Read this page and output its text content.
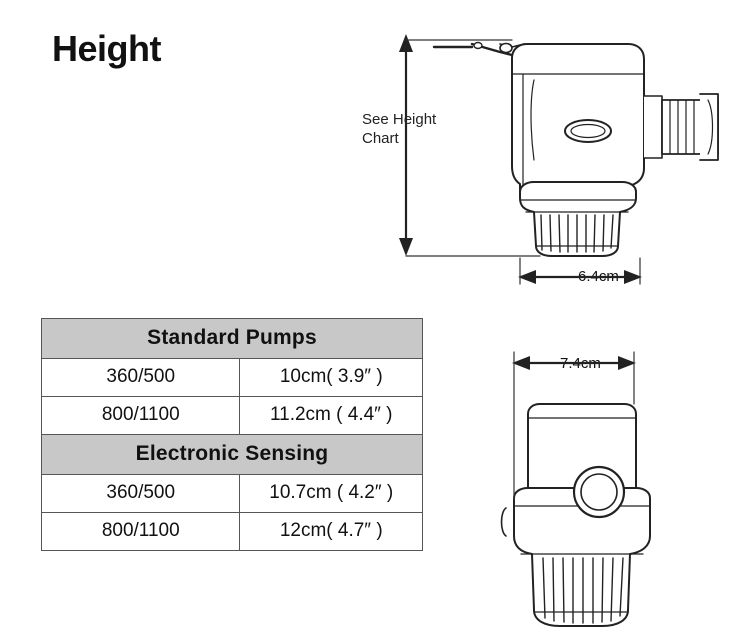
Height
See Height Chart
6.4cm
7.4cm
Standard Pumps	
360/500	10cm( 3.9″ )
800/1100	11.2cm ( 4.4″ )
Electronic Sensing	
360/500	10.7cm ( 4.2″ )
800/1100	12cm( 4.7″ )
